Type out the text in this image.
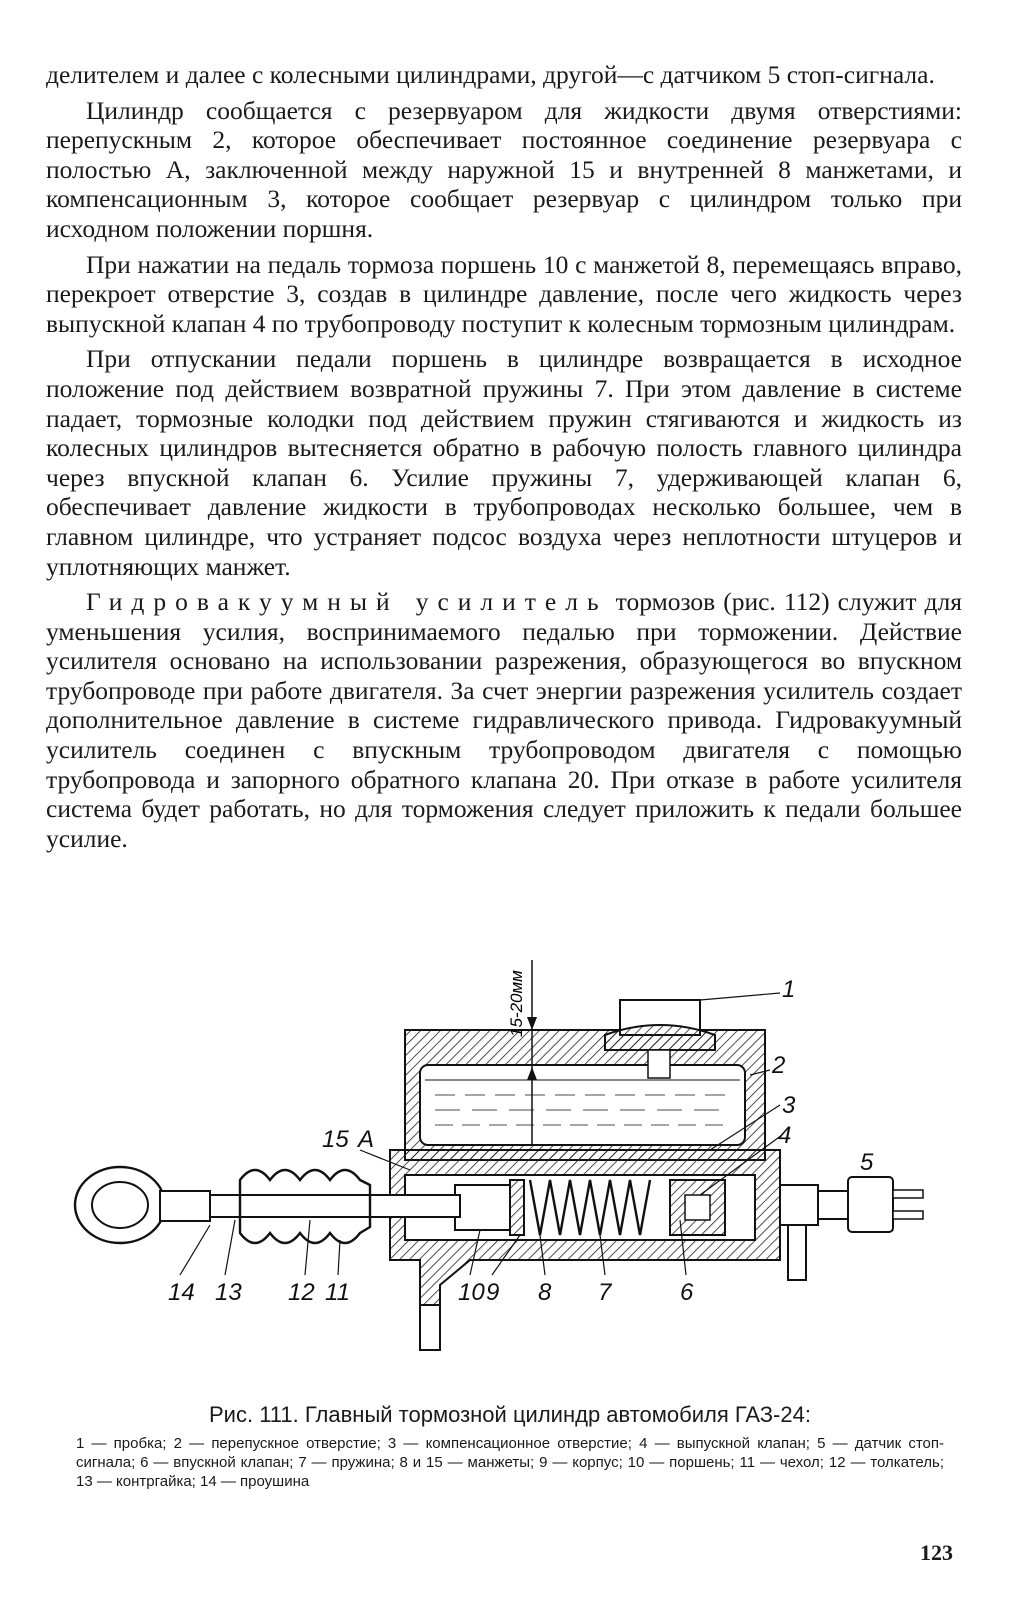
делителем и далее с колесными цилиндрами, другой—с датчиком 5 стоп-сигнала.

Цилиндр сообщается с резервуаром для жидкости двумя отверстиями: перепускным 2, которое обеспечивает постоянное соединение резервуара с полостью А, заключенной между наружной 15 и внутренней 8 манжетами, и компенсационным 3, которое сообщает резервуар с цилиндром только при исходном положении поршня.

При нажатии на педаль тормоза поршень 10 с манжетой 8, перемещаясь вправо, перекроет отверстие 3, создав в цилиндре давление, после чего жидкость через выпускной клапан 4 по трубопроводу поступит к колесным тормозным цилиндрам.

При отпускании педали поршень в цилиндре возвращается в исходное положение под действием возвратной пружины 7. При этом давление в системе падает, тормозные колодки под действием пружин стягиваются и жидкость из колесных цилиндров вытесняется обратно в рабочую полость главного цилиндра через впускной клапан 6. Усилие пружины 7, удерживающей клапан 6, обеспечивает давление жидкости в трубопроводах несколько большее, чем в главном цилиндре, что устраняет подсос воздуха через неплотности штуцеров и уплотняющих манжет.

Гидровакуумный усилитель тормозов (рис. 112) служит для уменьшения усилия, воспринимаемого педалью при торможении. Действие усилителя основано на использовании разрежения, образующегося во впускном трубопроводе при работе двигателя. За счет энергии разрежения усилитель создает дополнительное давление в системе гидравлического привода. Гидровакуумный усилитель соединен с впускным трубопроводом двигателя с помощью трубопровода и запорного обратного клапана 20. При отказе в работе усилителя система будет работать, но для торможения следует приложить к педали большее усилие.

15-20мм	1
2
3
4
5
15 А
14 13 12 11	10 9 8 7	6
Рис. 111. Главный тормозной цилиндр автомобиля ГАЗ-24:
1 — пробка; 2 — перепускное отверстие; 3 — компенсационное отверстие; 4 — выпускной клапан; 5 — датчик стоп-сигнала; 6 — впускной клапан; 7 — пружина; 8 и 15 — манжеты; 9 — корпус; 10 — поршень; 11 — чехол; 12 — толкатель; 13 — контргайка; 14 — проушина
123
